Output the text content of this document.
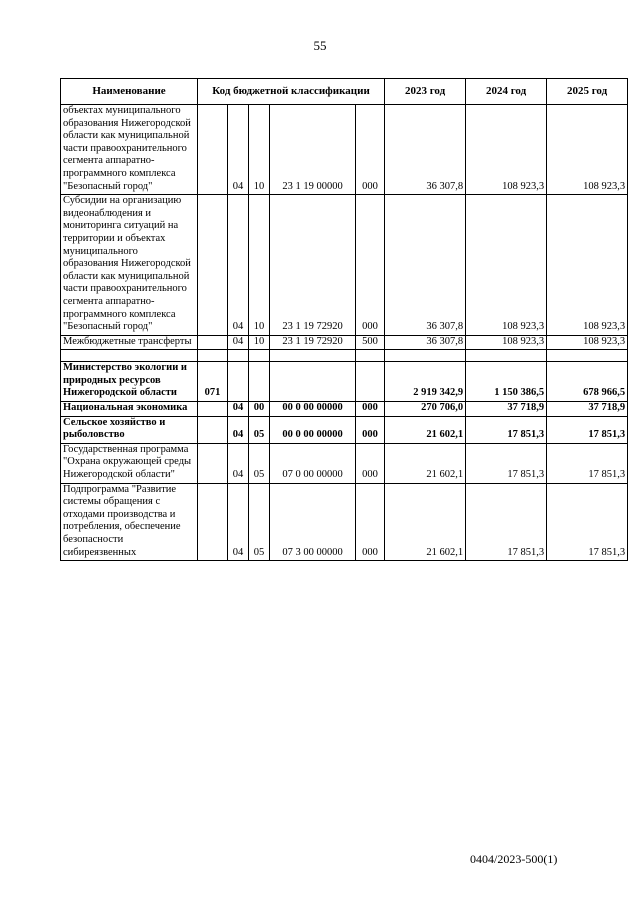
55
Наименование	Код бюджетной классификации					2023 год	2024 год	2025 год
объектах муниципального образования Нижегородской области как муниципальной части правоохранительного сегмента аппаратно-программного комплекса "Безопасный город"		04	10	23 1 19 00000	000	36 307,8	108 923,3	108 923,3
Субсидии на организацию видеонаблюдения и мониторинга ситуаций на территории и объектах муниципального образования Нижегородской области как муниципальной части правоохранительного сегмента аппаратно-программного комплекса "Безопасный город"		04	10	23 1 19 72920	000	36 307,8	108 923,3	108 923,3
Межбюджетные трансферты		04	10	23 1 19 72920	500	36 307,8	108 923,3	108 923,3

Министерство экологии и природных ресурсов Нижегородской области	071					2 919 342,9	1 150 386,5	678 966,5
Национальная экономика		04	00	00 0 00 00000	000	270 706,0	37 718,9	37 718,9
Сельское хозяйство и рыболовство		04	05	00 0 00 00000	000	21 602,1	17 851,3	17 851,3
Государственная программа "Охрана окружающей среды Нижегородской области"		04	05	07 0 00 00000	000	21 602,1	17 851,3	17 851,3
Подпрограмма "Развитие системы обращения с отходами производства и потребления, обеспечение безопасности сибиреязвенных		04	05	07 3 00 00000	000	21 602,1	17 851,3	17 851,3
0404/2023-500(1)
